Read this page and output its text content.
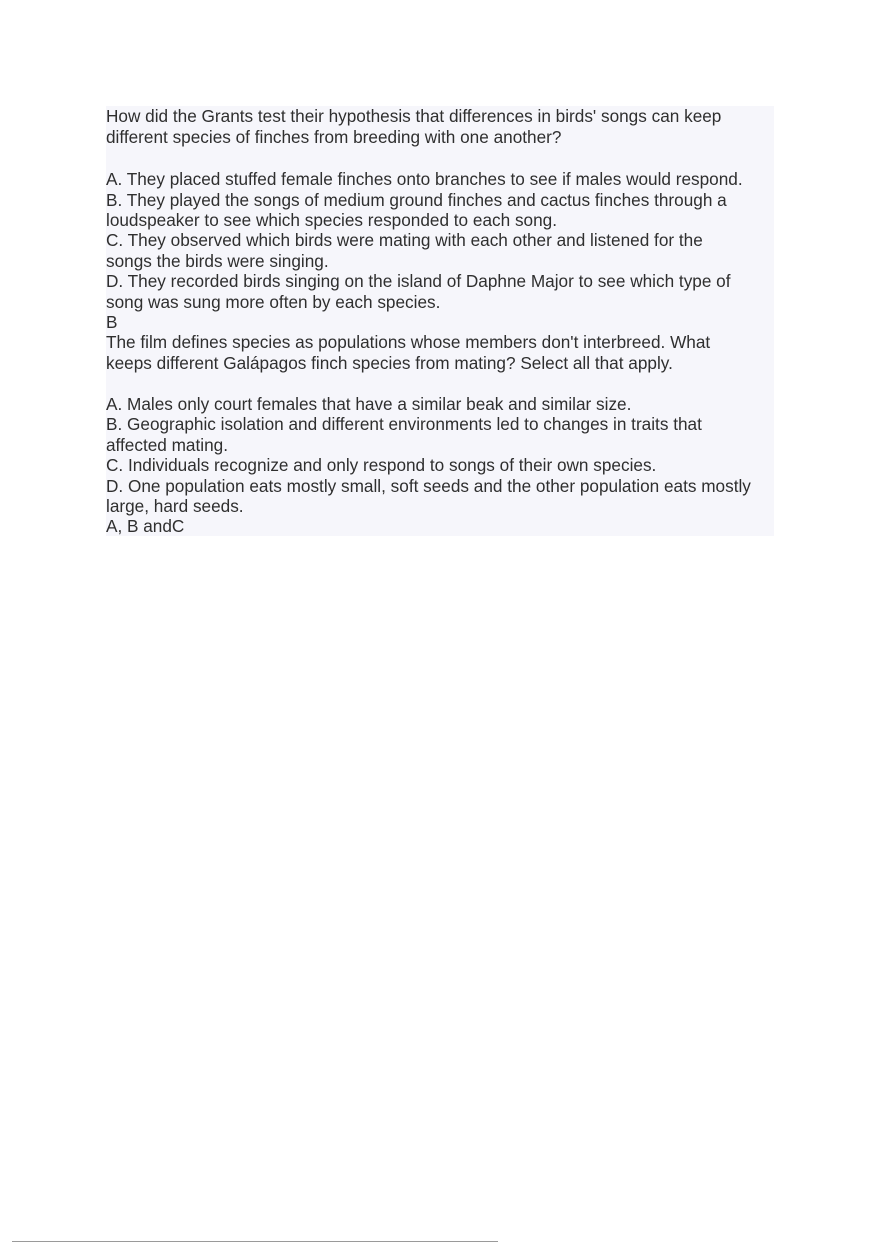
How did the Grants test their hypothesis that differences in birds' songs can keep
different species of finches from breeding with one another?
A. They placed stuffed female finches onto branches to see if males would respond.
B. They played the songs of medium ground finches and cactus finches through a
loudspeaker to see which species responded to each song.
C. They observed which birds were mating with each other and listened for the
songs the birds were singing.
D. They recorded birds singing on the island of Daphne Major to see which type of
song was sung more often by each species.
B
The film defines species as populations whose members don't interbreed. What
keeps different Galápagos finch species from mating? Select all that apply.
A. Males only court females that have a similar beak and similar size.
B. Geographic isolation and different environments led to changes in traits that
affected mating.
C. Individuals recognize and only respond to songs of their own species.
D. One population eats mostly small, soft seeds and the other population eats mostly
large, hard seeds.
A, B andC
